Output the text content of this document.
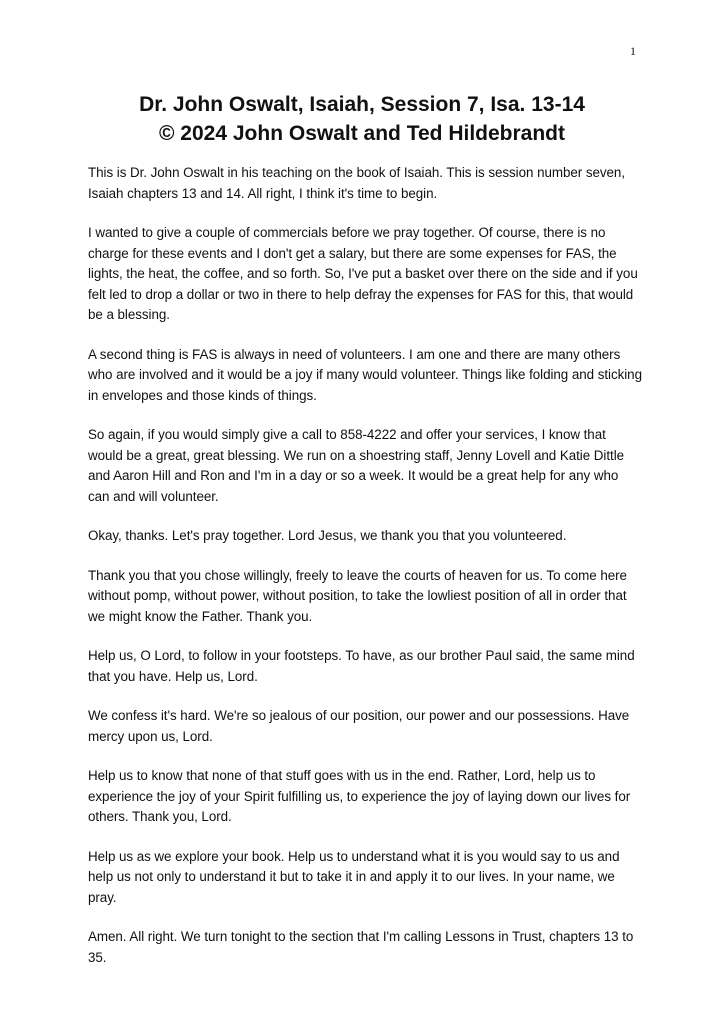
1
Dr. John Oswalt, Isaiah, Session 7, Isa. 13-14
© 2024 John Oswalt and Ted Hildebrandt

This is Dr. John Oswalt in his teaching on the book of Isaiah. This is session number seven, Isaiah chapters 13 and 14. All right, I think it's time to begin.

I wanted to give a couple of commercials before we pray together. Of course, there is no charge for these events and I don't get a salary, but there are some expenses for FAS, the lights, the heat, the coffee, and so forth. So, I've put a basket over there on the side and if you felt led to drop a dollar or two in there to help defray the expenses for FAS for this, that would be a blessing.

A second thing is FAS is always in need of volunteers. I am one and there are many others who are involved and it would be a joy if many would volunteer. Things like folding and sticking in envelopes and those kinds of things.

So again, if you would simply give a call to 858-4222 and offer your services, I know that would be a great, great blessing. We run on a shoestring staff, Jenny Lovell and Katie Dittle and Aaron Hill and Ron and I'm in a day or so a week. It would be a great help for any who can and will volunteer.

Okay, thanks. Let's pray together. Lord Jesus, we thank you that you volunteered.

Thank you that you chose willingly, freely to leave the courts of heaven for us. To come here without pomp, without power, without position, to take the lowliest position of all in order that we might know the Father. Thank you.

Help us, O Lord, to follow in your footsteps. To have, as our brother Paul said, the same mind that you have. Help us, Lord.

We confess it's hard. We're so jealous of our position, our power and our possessions. Have mercy upon us, Lord.

Help us to know that none of that stuff goes with us in the end. Rather, Lord, help us to experience the joy of your Spirit fulfilling us, to experience the joy of laying down our lives for others. Thank you, Lord.

Help us as we explore your book. Help us to understand what it is you would say to us and help us not only to understand it but to take it in and apply it to our lives. In your name, we pray.

Amen. All right. We turn tonight to the section that I'm calling Lessons in Trust, chapters 13 to 35.
